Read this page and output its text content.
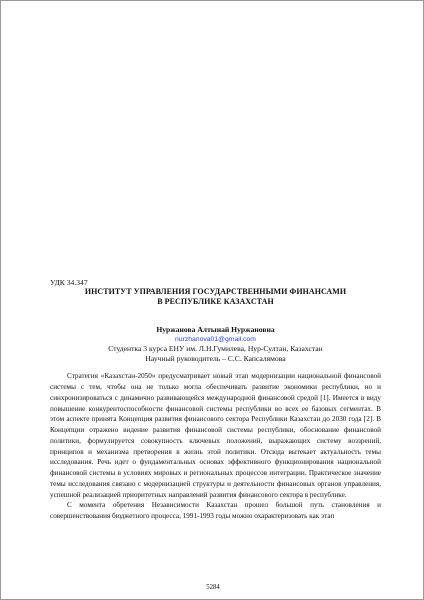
УДК 34.347

ИНСТИТУТ УПРАВЛЕНИЯ ГОСУДАРСТВЕННЫМИ ФИНАНСАМИ

В РЕСПУБЛИКЕ КАЗАХСТАН

Нуржанова Алтынай Нуржановна

nurzhanova01@gmail.com

Студентка 3 курса ЕНУ им. Л.Н.Гумилева, Нур-Султан, Казахстан

Научный руководитель – С.С. Капсалямова

Стратегия «Казахстан-2050» предусматривает новый этап модернизации национальной финансовой системы с тем, чтобы она не только могла обеспечивать развитие экономики республики, но и синхронизироваться с динамично развивающейся международной финансовой средой [1]. Имеется в виду повышение конкурентоспособности финансовой системы республики во всех ее базовых сегментах. В этом аспекте принята Концепция развития финансового сектора Республики Казахстан до 2030 года [2]. В Концепции отражено видение развития финансовой системы республики, обоснование финансовой политики, формулируется совокупность ключевых положений, выражающих систему воззрений, принципов и механизма претворения в жизнь этой политики. Отсюда вытекает актуальность темы исследования. Речь идет о фундаментальных основах эффективного функционирования национальной финансовой системы в условиях мировых и региональных процессов интеграции. Практическое значение темы исследования связано с модернизацией структуры и деятельности финансовых органов управления, успешной реализацией приоритетных направлений развития финансового сектора в республике.

С момента обретения Независимости Казахстан прошел большой путь становления и совершенствования бюджетного процесса, 1991-1993 годы можно охарактеризовать как этап

5284
